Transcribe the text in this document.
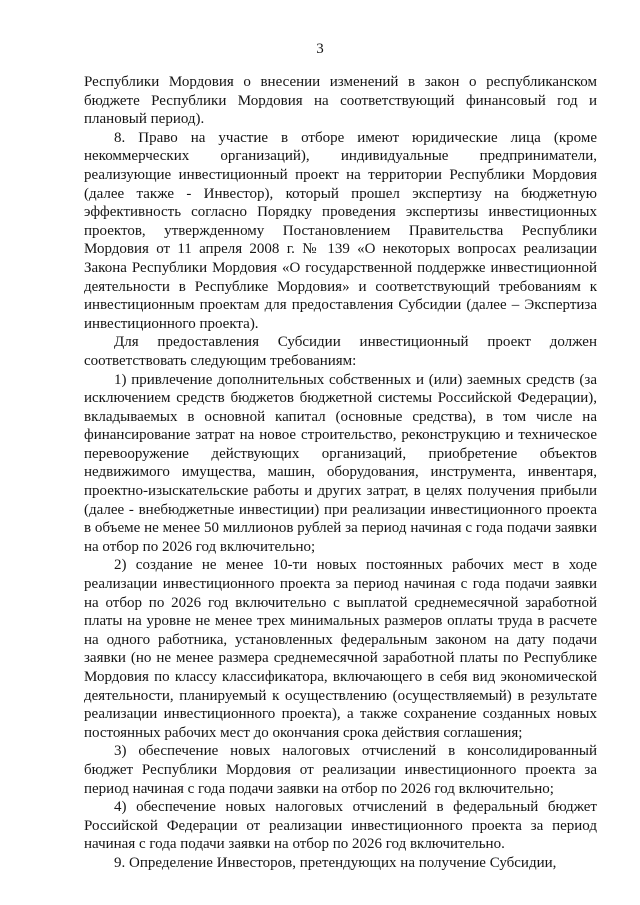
3

Республики Мордовия о внесении изменений в закон о республиканском бюджете Республики Мордовия на соответствующий финансовый год и плановый период).

8. Право на участие в отборе имеют юридические лица (кроме некоммерческих организаций), индивидуальные предприниматели, реализующие инвестиционный проект на территории Республики Мордовия (далее также - Инвестор), который прошел экспертизу на бюджетную эффективность согласно Порядку проведения экспертизы инвестиционных проектов, утвержденному Постановлением Правительства Республики Мордовия от 11 апреля 2008 г. № 139 «О некоторых вопросах реализации Закона Республики Мордовия «О государственной поддержке инвестиционной деятельности в Республике Мордовия» и соответствующий требованиям к инвестиционным проектам для предоставления Субсидии (далее – Экспертиза инвестиционного проекта).

Для предоставления Субсидии инвестиционный проект должен соответствовать следующим требованиям:

1) привлечение дополнительных собственных и (или) заемных средств (за исключением средств бюджетов бюджетной системы Российской Федерации), вкладываемых в основной капитал (основные средства), в том числе на финансирование затрат на новое строительство, реконструкцию и техническое перевооружение действующих организаций, приобретение объектов недвижимого имущества, машин, оборудования, инструмента, инвентаря, проектно-изыскательские работы и других затрат, в целях получения прибыли (далее - внебюджетные инвестиции) при реализации инвестиционного проекта в объеме не менее 50 миллионов рублей за период начиная с года подачи заявки на отбор по 2026 год включительно;

2) создание не менее 10-ти новых постоянных рабочих мест в ходе реализации инвестиционного проекта за период начиная с года подачи заявки на отбор по 2026 год включительно с выплатой среднемесячной заработной платы на уровне не менее трех минимальных размеров оплаты труда в расчете на одного работника, установленных федеральным законом на дату подачи заявки (но не менее размера среднемесячной заработной платы по Республике Мордовия по классу классификатора, включающего в себя вид экономической деятельности, планируемый к осуществлению (осуществляемый) в результате реализации инвестиционного проекта), а также сохранение созданных новых постоянных рабочих мест до окончания срока действия соглашения;

3) обеспечение новых налоговых отчислений в консолидированный бюджет Республики Мордовия от реализации инвестиционного проекта за период начиная с года подачи заявки на отбор по 2026 год включительно;

4) обеспечение новых налоговых отчислений в федеральный бюджет Российской Федерации от реализации инвестиционного проекта за период начиная с года подачи заявки на отбор по 2026 год включительно.

9. Определение Инвесторов, претендующих на получение Субсидии,
